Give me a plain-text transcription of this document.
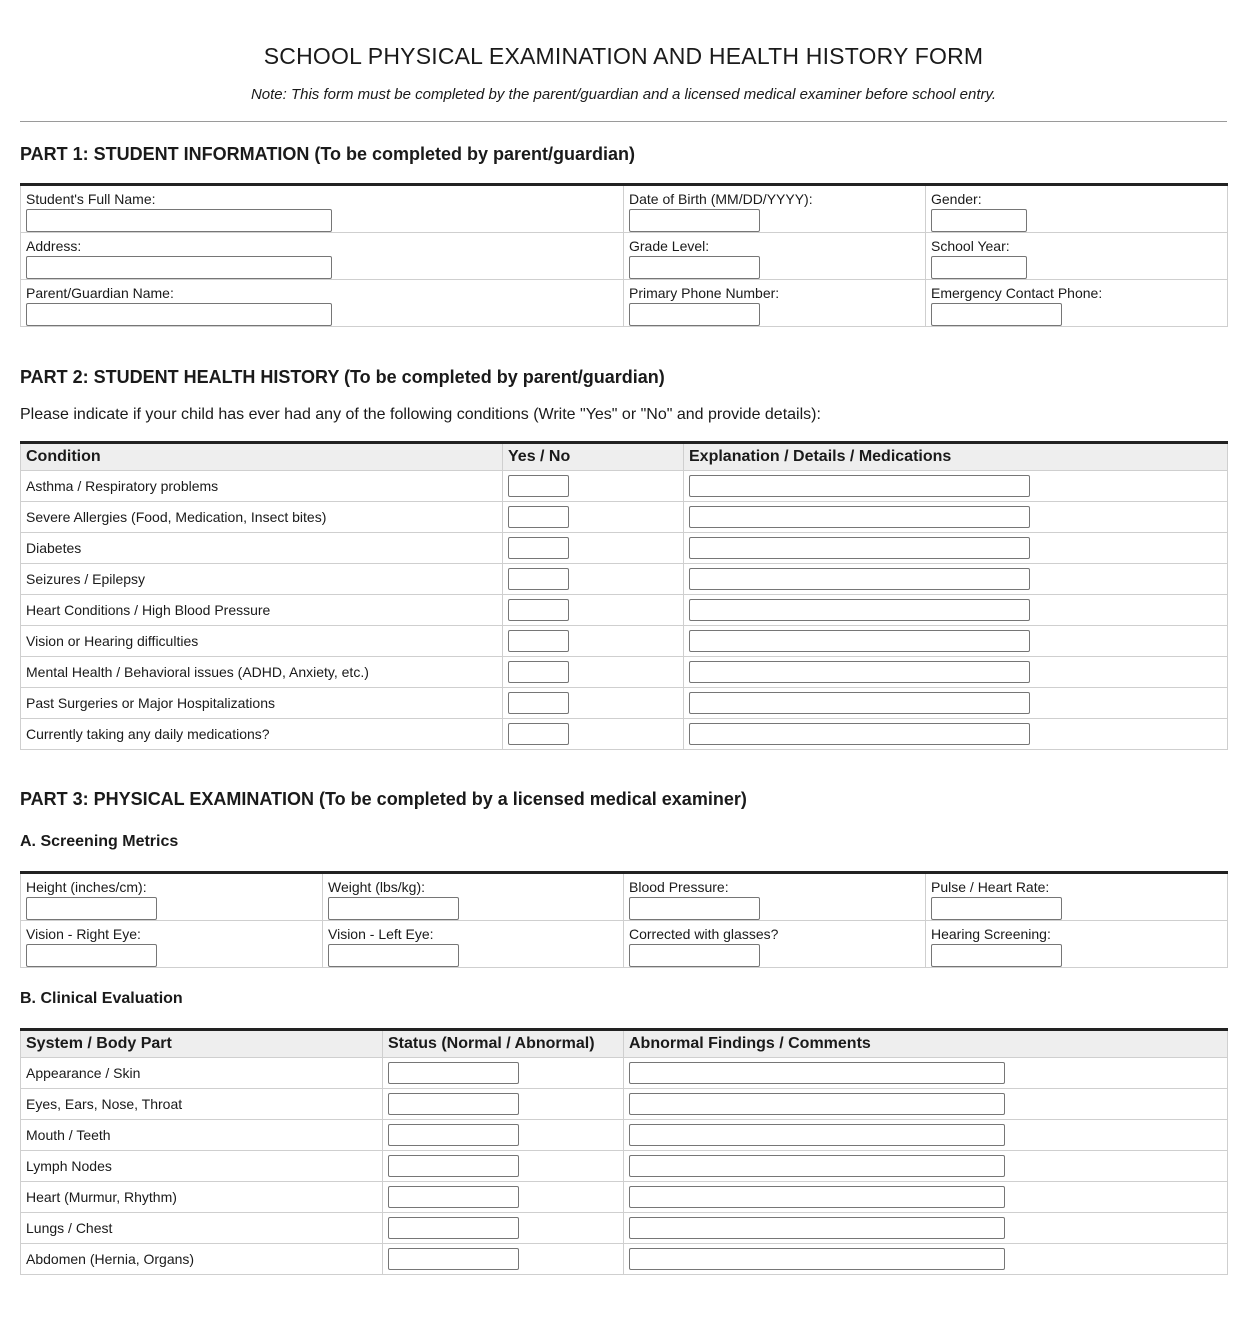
SCHOOL PHYSICAL EXAMINATION AND HEALTH HISTORY FORM
Note: This form must be completed by the parent/guardian and a licensed medical examiner before school entry.
PART 1: STUDENT INFORMATION (To be completed by parent/guardian)
Student's Full Name:	Date of Birth (MM/DD/YYYY):	Gender:

Address:	Grade Level:	School Year:

Parent/Guardian Name:	Primary Phone Number:	Emergency Contact Phone:
PART 2: STUDENT HEALTH HISTORY (To be completed by parent/guardian)
Please indicate if your child has ever had any of the following conditions (Write "Yes" or "No" and provide details):
Condition	Yes / No	Explanation / Details / Medications
Asthma / Respiratory problems	

Severe Allergies (Food, Medication, Insect bites)	

Diabetes	

Seizures / Epilepsy	

Heart Conditions / High Blood Pressure	

Vision or Hearing difficulties	

Mental Health / Behavioral issues (ADHD, Anxiety, etc.)	

Past Surgeries or Major Hospitalizations	

Currently taking any daily medications?	

PART 3: PHYSICAL EXAMINATION (To be completed by a licensed medical examiner)
A. Screening Metrics
Height (inches/cm):	Weight (lbs/kg):	Blood Pressure:	Pulse / Heart Rate:

Vision - Right Eye:	Vision - Left Eye:	Corrected with glasses?	Hearing Screening:
B. Clinical Evaluation
System / Body Part	Status (Normal / Abnormal)	Abnormal Findings / Comments
Appearance / Skin	

Eyes, Ears, Nose, Throat	

Mouth / Teeth	

Lymph Nodes	

Heart (Murmur, Rhythm)	

Lungs / Chest	

Abdomen (Hernia, Organs)	
